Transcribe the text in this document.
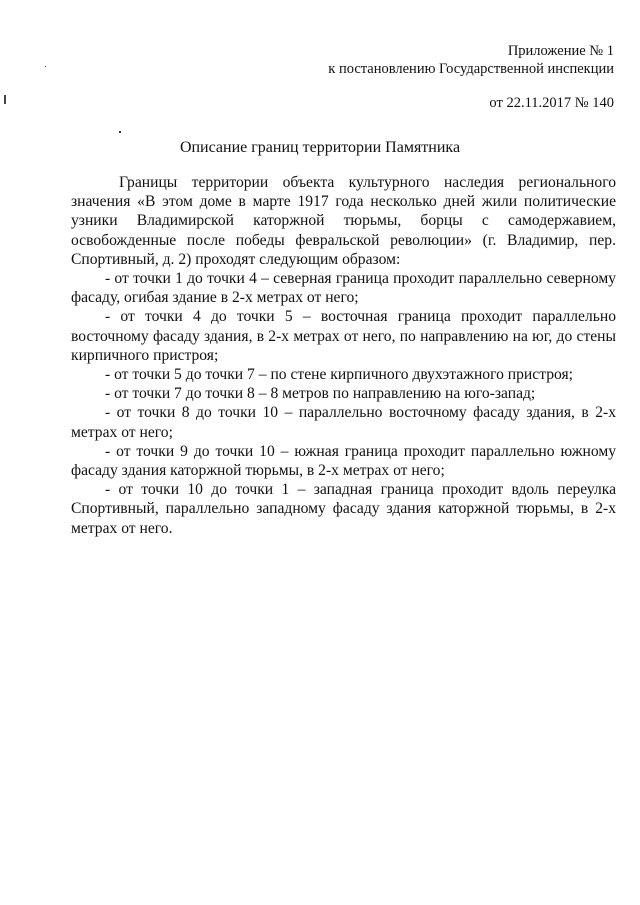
Приложение № 1
к постановлению Государственной инспекции
от 22.11.2017 № 140
Описание границ территории Памятника

Границы территории объекта культурного наследия регионального значения «В этом доме в марте 1917 года несколько дней жили политические узники Владимирской каторжной тюрьмы, борцы с самодержавием, освобожденные после победы февральской революции» (г. Владимир, пер. Спортивный, д. 2) проходят следующим образом:

- от точки 1 до точки 4 – северная граница проходит параллельно северному фасаду, огибая здание в 2-х метрах от него;

- от точки 4 до точки 5 – восточная граница проходит параллельно восточному фасаду здания, в 2-х метрах от него, по направлению на юг, до стены кирпичного пристроя;

- от точки 5 до точки 7 – по стене кирпичного двухэтажного пристроя;

- от точки 7 до точки 8 – 8 метров по направлению на юго-запад;

- от точки 8 до точки 10 – параллельно восточному фасаду здания, в 2-х метрах от него;

- от точки 9 до точки 10 – южная граница проходит параллельно южному фасаду здания каторжной тюрьмы, в 2-х метрах от него;

- от точки 10 до точки 1 – западная граница проходит вдоль переулка Спортивный, параллельно западному фасаду здания каторжной тюрьмы, в 2-х метрах от него.
